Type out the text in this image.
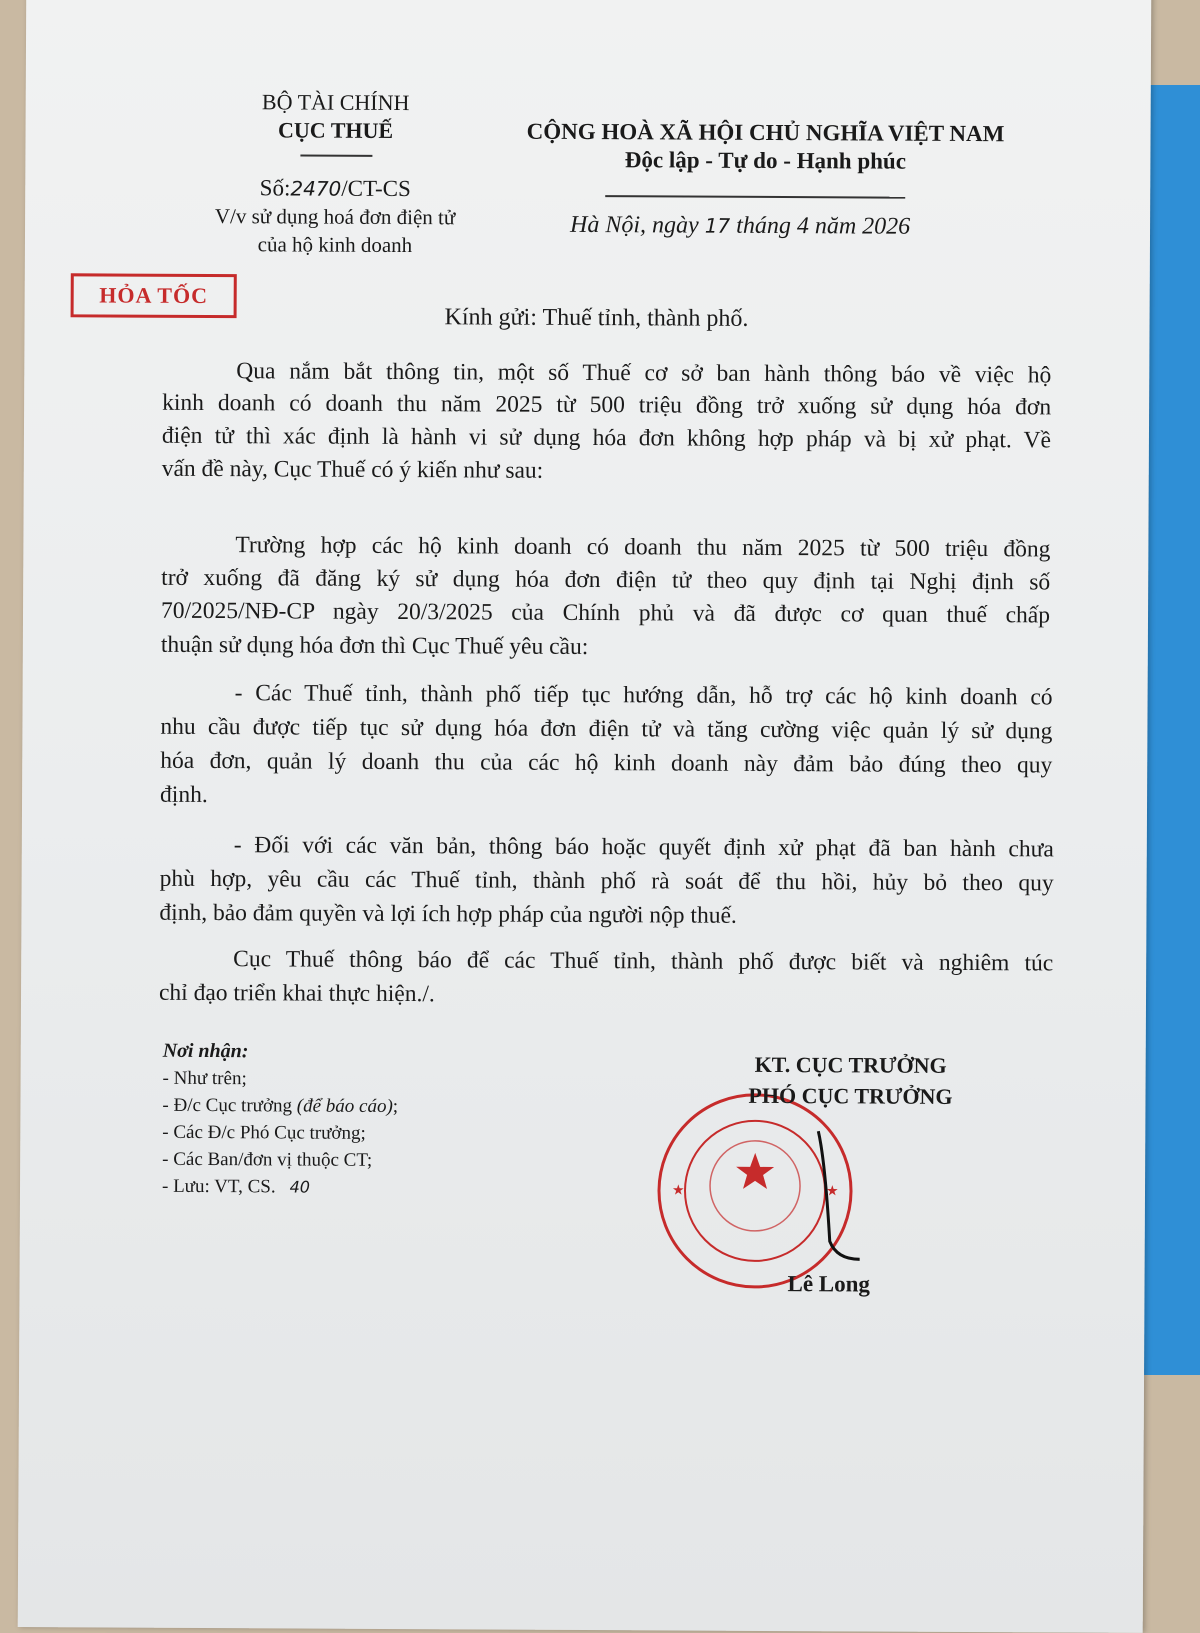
BỘ TÀI CHÍNH
CỤC THUẾ
Số:2470/CT-CS
V/v sử dụng hoá đơn điện tử
của hộ kinh doanh
CỘNG HOÀ XÃ HỘI CHỦ NGHĨA VIỆT NAM
Độc lập - Tự do - Hạnh phúc
Hà Nội, ngày 17 tháng 4 năm 2026
HỎA TỐC
Kính gửi: Thuế tỉnh, thành phố.
Qua nắm bắt thông tin, một số Thuế cơ sở ban hành thông báo về việc hộ
kinh doanh có doanh thu năm 2025 từ 500 triệu đồng trở xuống sử dụng hóa đơn
điện tử thì xác định là hành vi sử dụng hóa đơn không hợp pháp và bị xử phạt. Về
vấn đề này, Cục Thuế có ý kiến như sau:
Trường hợp các hộ kinh doanh có doanh thu năm 2025 từ 500 triệu đồng
trở xuống đã đăng ký sử dụng hóa đơn điện tử theo quy định tại Nghị định số
70/2025/NĐ-CP ngày 20/3/2025 của Chính phủ và đã được cơ quan thuế chấp
thuận sử dụng hóa đơn thì Cục Thuế yêu cầu:
- Các Thuế tỉnh, thành phố tiếp tục hướng dẫn, hỗ trợ các hộ kinh doanh có
nhu cầu được tiếp tục sử dụng hóa đơn điện tử và tăng cường việc quản lý sử dụng
hóa đơn, quản lý doanh thu của các hộ kinh doanh này đảm bảo đúng theo quy
định.
- Đối với các văn bản, thông báo hoặc quyết định xử phạt đã ban hành chưa
phù hợp, yêu cầu các Thuế tỉnh, thành phố rà soát để thu hồi, hủy bỏ theo quy
định, bảo đảm quyền và lợi ích hợp pháp của người nộp thuế.
Cục Thuế thông báo để các Thuế tỉnh, thành phố được biết và nghiêm túc
chỉ đạo triển khai thực hiện./.
Nơi nhận:
- Như trên;
- Đ/c Cục trưởng (để báo cáo);
- Các Đ/c Phó Cục trưởng;
- Các Ban/đơn vị thuộc CT;
- Lưu: VT, CS. 40	★	★
KT. CỤC TRƯỞNG
PHÓ CỤC TRƯỞNG
Lê Long
